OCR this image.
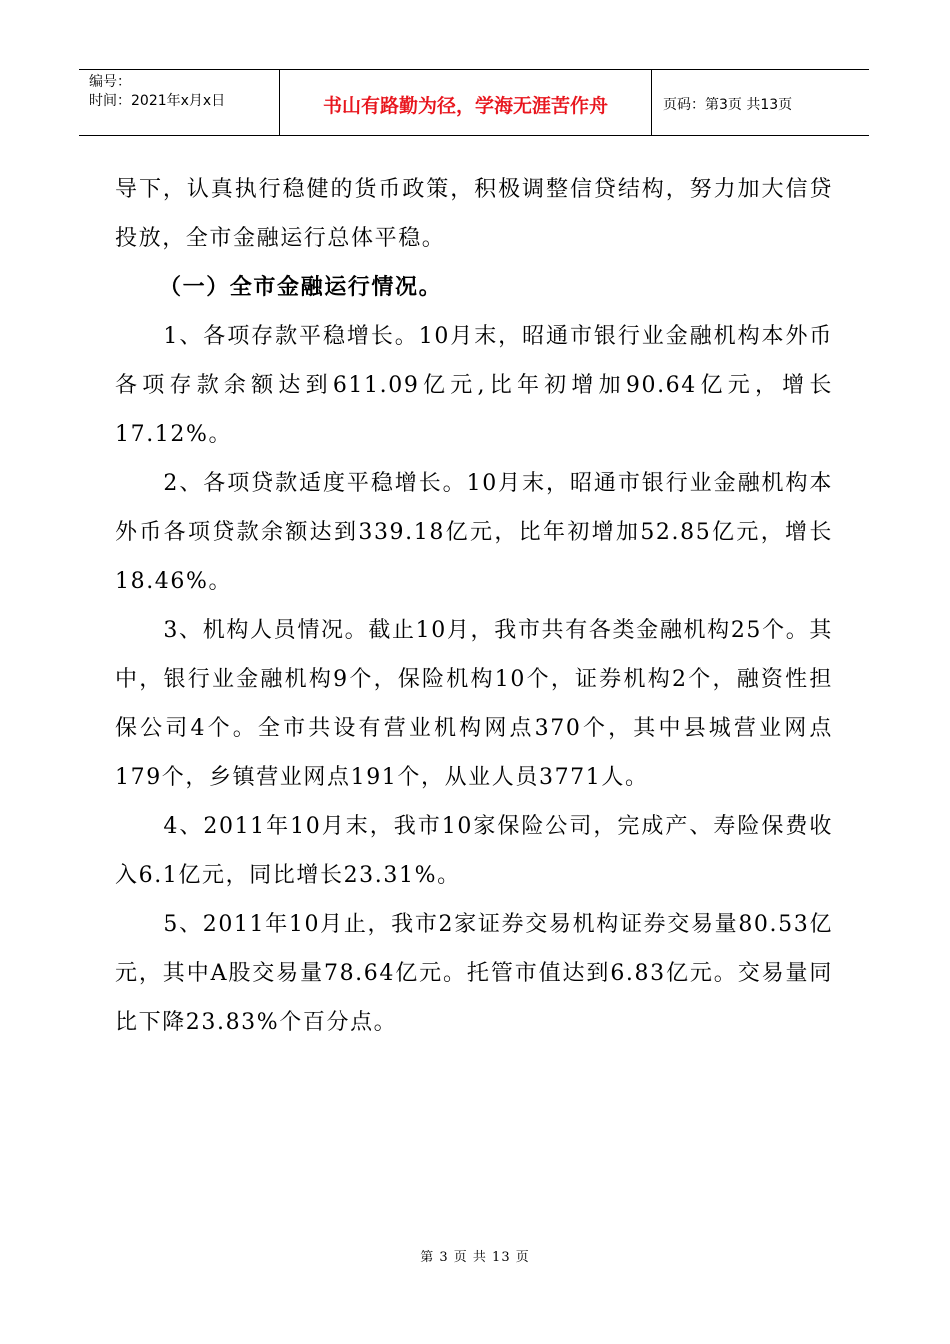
编号：
时间：2021年x月x日	书山有路勤为径，学海无涯苦作舟	页码：第3页 共13页

导下，认真执行稳健的货币政策，积极调整信贷结构，努力加大信贷投放，全市金融运行总体平稳。

（一）全市金融运行情况。

1、各项存款平稳增长。10月末，昭通市银行业金融机构本外币各项存款余额达到611.09亿元,比年初增加90.64亿元，增长17.12%。

2、各项贷款适度平稳增长。10月末，昭通市银行业金融机构本外币各项贷款余额达到339.18亿元，比年初增加52.85亿元，增长18.46%。

3、机构人员情况。截止10月，我市共有各类金融机构25个。其中，银行业金融机构9个，保险机构10个，证券机构2个，融资性担保公司4个。全市共设有营业机构网点370个，其中县城营业网点179个，乡镇营业网点191个，从业人员3771人。

4、2011年10月末，我市10家保险公司，完成产、寿险保费收入6.1亿元，同比增长23.31%。

5、2011年10月止，我市2家证券交易机构证券交易量80.53亿元，其中A股交易量78.64亿元。托管市值达到6.83亿元。交易量同比下降23.83%个百分点。

第 3 页 共 13 页
